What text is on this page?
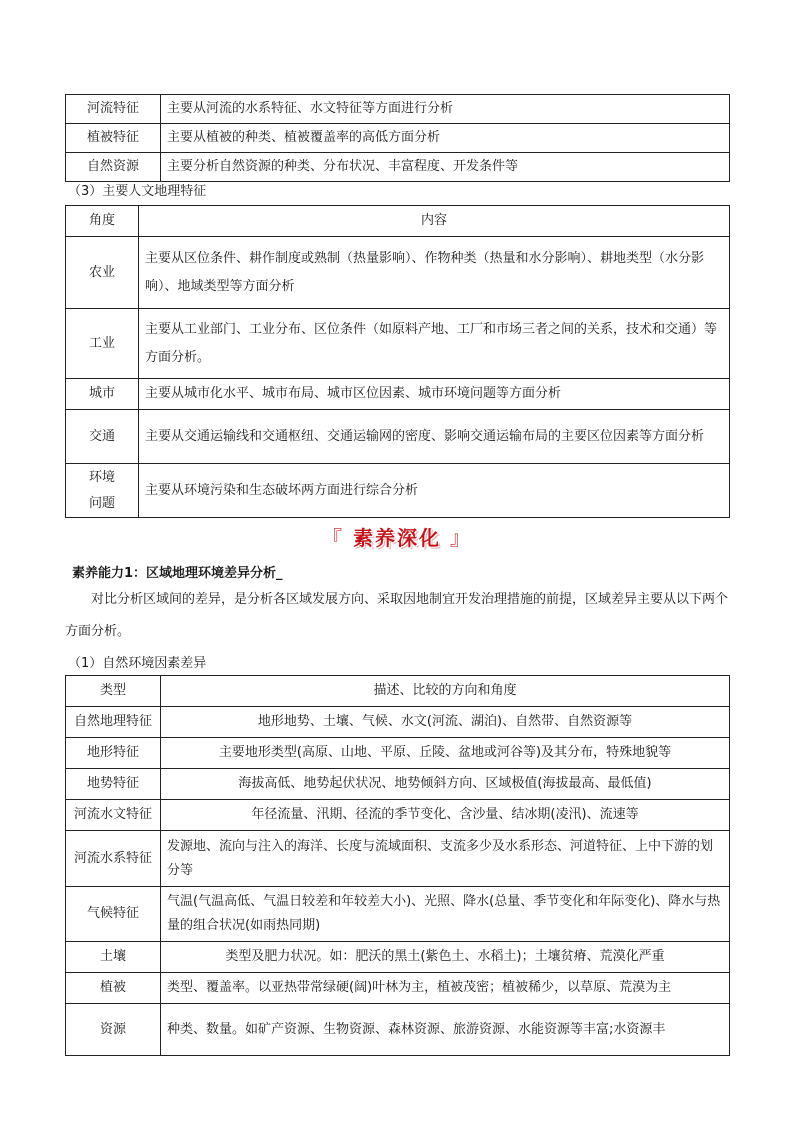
河流特征	主要从河流的水系特征、水文特征等方面进行分析
植被特征	主要从植被的种类、植被覆盖率的高低方面分析
自然资源	主要分析自然资源的种类、分布状况、丰富程度、开发条件等
（3）主要人文地理特征
角度	内容
农业	主要从区位条件、耕作制度或熟制（热量影响）、作物种类（热量和水分影响）、耕地类型（水分影响）、地域类型等方面分析
工业	主要从工业部门、工业分布、区位条件（如原料产地、工厂和市场三者之间的关系，技术和交通）等方面分析。
城市	主要从城市化水平、城市布局、城市区位因素、城市环境问题等方面分析
交通	主要从交通运输线和交通枢纽、交通运输网的密度、影响交通运输布局的主要区位因素等方面分析
环境问题	主要从环境污染和生态破坏两方面进行综合分析
『 素养深化 』
素养能力1：区域地理环境差异分析_
对比分析区域间的差异，是分析各区域发展方向、采取因地制宜开发治理措施的前提，区域差异主要从以下两个方面分析。
（1）自然环境因素差异
类型	描述、比较的方向和角度
自然地理特征	地形地势、土壤、气候、水文(河流、湖泊)、自然带、自然资源等
地形特征	主要地形类型(高原、山地、平原、丘陵、盆地或河谷等)及其分布，特殊地貌等
地势特征	海拔高低、地势起伏状况、地势倾斜方向、区域极值(海拔最高、最低值)
河流水文特征	年径流量、汛期、径流的季节变化、含沙量、结冰期(凌汛)、流速等
河流水系特征	发源地、流向与注入的海洋、长度与流域面积、支流多少及水系形态、河道特征、上中下游的划分等
气候特征	气温(气温高低、气温日较差和年较差大小)、光照、降水(总量、季节变化和年际变化)、降水与热量的组合状况(如雨热同期)
土壤	类型及肥力状况。如：肥沃的黑土(紫色土、水稻土)；土壤贫瘠、荒漠化严重
植被	类型、覆盖率。以亚热带常绿硬(阔)叶林为主，植被茂密；植被稀少，以草原、荒漠为主
资源	种类、数量。如矿产资源、生物资源、森林资源、旅游资源、水能资源等丰富;水资源丰
